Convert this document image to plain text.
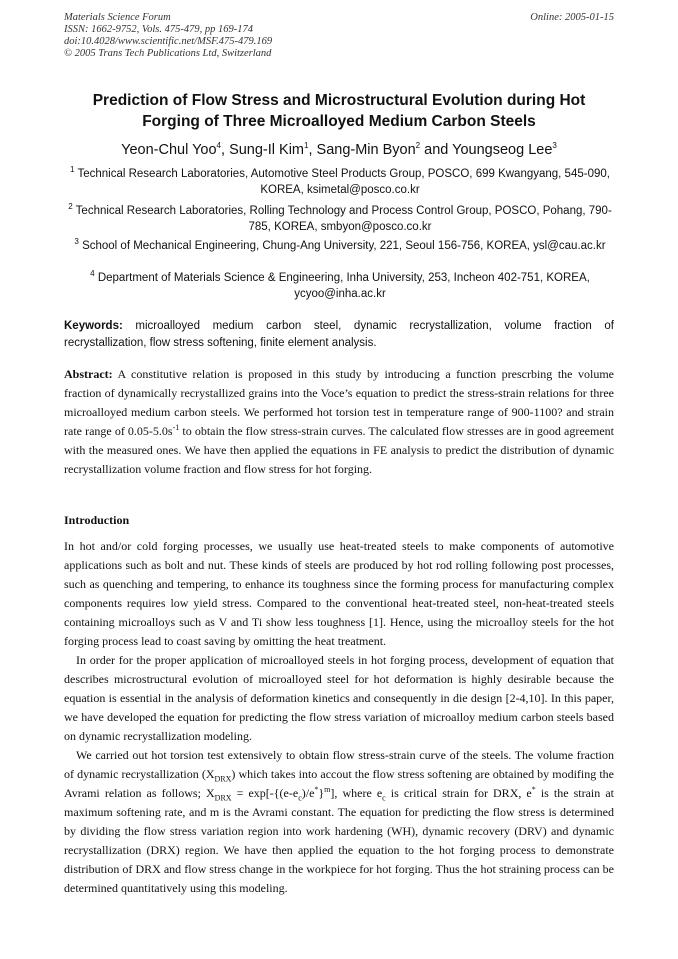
Materials Science Forum
ISSN: 1662-9752, Vols. 475-479, pp 169-174
doi:10.4028/www.scientific.net/MSF.475-479.169
© 2005 Trans Tech Publications Ltd, Switzerland
Online: 2005-01-15
Prediction of Flow Stress and Microstructural Evolution during Hot
Forging of Three Microalloyed Medium Carbon Steels
Yeon-Chul Yoo$^4$, Sung-Il Kim$^1$, Sang-Min Byon$^2$ and Youngseog Lee$^3$
$^1$ Technical Research Laboratories, Automotive Steel Products Group, POSCO, 699 Kwangyang, 545-090, KOREA, ksimetal@posco.co.kr
$^2$ Technical Research Laboratories, Rolling Technology and Process Control Group, POSCO, Pohang, 790-785, KOREA, smbyon@posco.co.kr
$^3$ School of Mechanical Engineering, Chung-Ang University, 221, Seoul 156-756, KOREA, ysl@cau.ac.kr
$^4$ Department of Materials Science & Engineering, Inha University, 253, Incheon 402-751, KOREA, ycyoo@inha.ac.kr
Keywords: microalloyed medium carbon steel, dynamic recrystallization, volume fraction of recrystallization, flow stress softening, finite element analysis.
Abstract: A constitutive relation is proposed in this study by introducing a function prescrbing the volume fraction of dynamically recrystallized grains into the Voce’s equation to predict the stress-strain relations for three microalloyed medium carbon steels. We performed hot torsion test in temperature range of 900-1100? and strain rate range of $0.05-5.0s^{-1}$ to obtain the flow stress-strain curves. The calculated flow stresses are in good agreement with the measured ones. We have then applied the equations in FE analysis to predict the distribution of dynamic recrystallization volume fraction and flow stress for hot forging.
Introduction

In hot and/or cold forging processes, we usually use heat-treated steels to make components of automotive applications such as bolt and nut. These kinds of steels are produced by hot rod rolling following post processes, such as quenching and tempering, to enhance its toughness since the forming process for manufacturing complex components requires low yield stress. Compared to the conventional heat-treated steel, non-heat-treated steels containing microalloys such as V and Ti show less toughness [1]. Hence, using the microalloy steels for the hot forging process lead to coast saving by omitting the heat treatment.

In order for the proper application of microalloyed steels in hot forging process, development of equation that describes microstructural evolution of microalloyed steel for hot deformation is highly desirable because the equation is essential in the analysis of deformation kinetics and consequently in die design [2-4,10]. In this paper, we have developed the equation for predicting the flow stress variation of microalloy medium carbon steels based on dynamic recrystallization modeling.

We carried out hot torsion test extensively to obtain flow stress-strain curve of the steels. The volume fraction of dynamic recrystallization $(X_{DRX})$ which takes into accout the flow stress softening are obtained by modifing the Avrami relation as follows; $X_{DRX} = \exp[-\{(e-e_c)/e^*\}^m]$, where $e_c$ is critical strain for DRX, e* is the strain at maximum softening rate, and m is the Avrami constant. The equation for predicting the flow stress is determined by dividing the flow stress variation region into work hardening (WH), dynamic recovery (DRV) and dynamic recrystallization (DRX) region. We have then applied the equation to the hot forging process to demonstrate distribution of DRX and flow stress change in the workpiece for hot forging. Thus the hot straining process can be determined quantitatively using this modeling.
